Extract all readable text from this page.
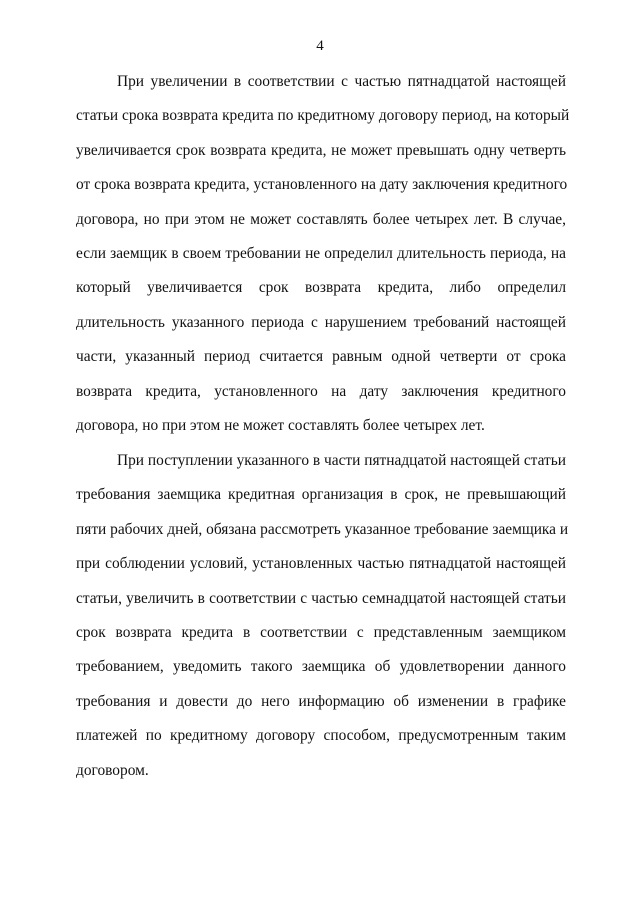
4
При увеличении в соответствии с частью пятнадцатой настоящей
статьи срока возврата кредита по кредитному договору период, на который
увеличивается срок возврата кредита, не может превышать одну четверть
от срока возврата кредита, установленного на дату заключения кредитного
договора, но при этом не может составлять более четырех лет. В случае,
если заемщик в своем требовании не определил длительность периода, на
который увеличивается срок возврата кредита, либо определил
длительность указанного периода с нарушением требований настоящей
части, указанный период считается равным одной четверти от срока
возврата кредита, установленного на дату заключения кредитного
договора, но при этом не может составлять более четырех лет.
При поступлении указанного в части пятнадцатой настоящей статьи
требования заемщика кредитная организация в срок, не превышающий
пяти рабочих дней, обязана рассмотреть указанное требование заемщика и
при соблюдении условий, установленных частью пятнадцатой настоящей
статьи, увеличить в соответствии с частью семнадцатой настоящей статьи
срок возврата кредита в соответствии с представленным заемщиком
требованием, уведомить такого заемщика об удовлетворении данного
требования и довести до него информацию об изменении в графике
платежей по кредитному договору способом, предусмотренным таким
договором.
